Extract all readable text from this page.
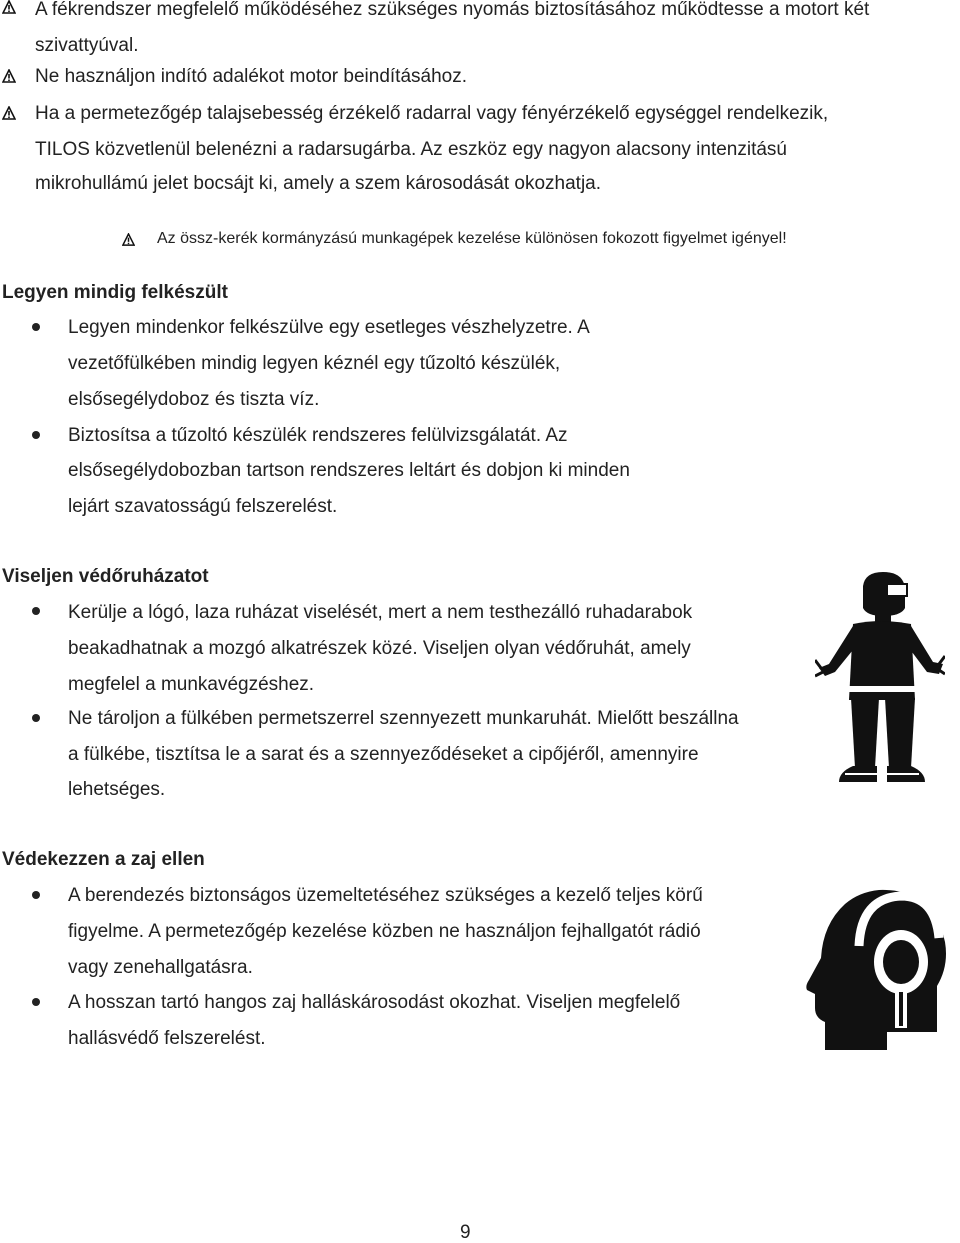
A fékrendszer megfelelő működéséhez szükséges nyomás biztosításához működtesse a motort két
szivattyúval.
Ne használjon indító adalékot motor beindításához.
Ha a permetezőgép talajsebesség érzékelő radarral vagy fényérzékelő egységgel rendelkezik,
TILOS közvetlenül belenézni a radarsugárba. Az eszköz egy nagyon alacsony intenzitású
mikrohullámú jelet bocsájt ki, amely a szem károsodását okozhatja.
Az össz-kerék kormányzású munkagépek kezelése különösen fokozott figyelmet igényel!
Legyen mindig felkészült
Legyen mindenkor felkészülve egy esetleges vészhelyzetre. A
vezetőfülkében mindig legyen kéznél egy tűzoltó készülék,
elsősegélydoboz és tiszta víz.
Biztosítsa a tűzoltó készülék rendszeres felülvizsgálatát. Az
elsősegélydobozban tartson rendszeres leltárt és dobjon ki minden
lejárt szavatosságú felszerelést.
Viseljen védőruházatot
Kerülje a lógó, laza ruházat viselését, mert a nem testhezálló ruhadarabok
beakadhatnak a mozgó alkatrészek közé. Viseljen olyan védőruhát, amely
megfelel a munkavégzéshez.
Ne tároljon a fülkében permetszerrel szennyezett munkaruhát. Mielőtt beszállna
a fülkébe, tisztítsa le a sarat és a szennyeződéseket a cipőjéről, amennyire
lehetséges.
Védekezzen a zaj ellen
A berendezés biztonságos üzemeltetéséhez szükséges a kezelő teljes körű
figyelme. A permetezőgép kezelése közben ne használjon fejhallgatót rádió
vagy zenehallgatásra.
A hosszan tartó hangos zaj halláskárosodást okozhat. Viseljen megfelelő
hallásvédő felszerelést.
9
